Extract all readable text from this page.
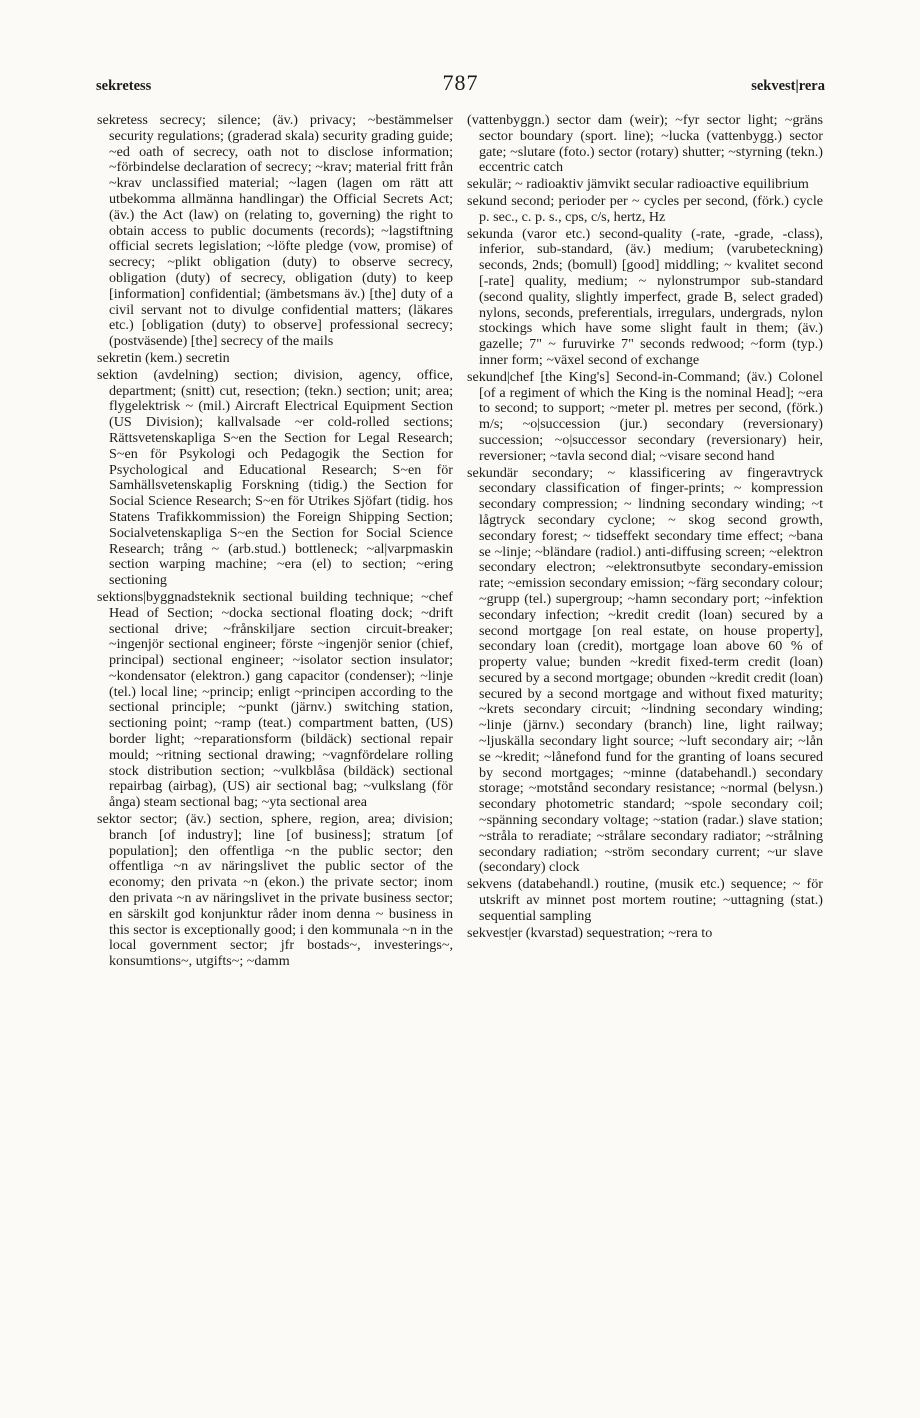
sekretess	787	sekvest|rera

sekretess secrecy; silence; (äv.) privacy; ~bestämmelser security regulations; (graderad skala) security grading guide; ~ed oath of secrecy, oath not to disclose information; ~förbindelse declaration of secrecy; ~krav; material fritt från ~krav unclassified material; ~lagen (lagen om rätt att utbekomma allmänna handlingar) the Official Secrets Act; (äv.) the Act (law) on (relating to, governing) the right to obtain access to public documents (records); ~lagstiftning official secrets legislation; ~löfte pledge (vow, promise) of secrecy; ~plikt obligation (duty) to observe secrecy, obligation (duty) of secrecy, obligation (duty) to keep [information] confidential; (ämbetsmans äv.) [the] duty of a civil servant not to divulge confidential matters; (läkares etc.) [obligation (duty) to observe] professional secrecy; (postväsende) [the] secrecy of the mails

sekretin (kem.) secretin

sektion (avdelning) section; division, agency, office, department; (snitt) cut, resection; (tekn.) section; unit; area; flygelektrisk ~ (mil.) Aircraft Electrical Equipment Section (US Division); kallvalsade ~er cold-rolled sections; Rättsvetenskapliga S~en the Section for Legal Research; S~en för Psykologi och Pedagogik the Section for Psychological and Educational Research; S~en för Samhällsvetenskaplig Forskning (tidig.) the Section for Social Science Research; S~en för Utrikes Sjöfart (tidig. hos Statens Trafikkommission) the Foreign Shipping Section; Socialvetenskapliga S~en the Section for Social Science Research; trång ~ (arb.stud.) bottleneck; ~al|varpmaskin section warping machine; ~era (el) to section; ~ering sectioning

sektions|byggnadsteknik sectional building technique; ~chef Head of Section; ~docka sectional floating dock; ~drift sectional drive; ~frånskiljare section circuit-breaker; ~ingenjör sectional engineer; förste ~ingenjör senior (chief, principal) sectional engineer; ~isolator section insulator; ~kondensator (elektron.) gang capacitor (condenser); ~linje (tel.) local line; ~princip; enligt ~principen according to the sectional principle; ~punkt (järnv.) switching station, sectioning point; ~ramp (teat.) compartment batten, (US) border light; ~reparationsform (bildäck) sectional repair mould; ~ritning sectional drawing; ~vagnfördelare rolling stock distribution section; ~vulkblåsa (bildäck) sectional repairbag (airbag), (US) air sectional bag; ~vulkslang (för ånga) steam sectional bag; ~yta sectional area

sektor sector; (äv.) section, sphere, region, area; division; branch [of industry]; line [of business]; stratum [of population]; den offentliga ~n the public sector; den offentliga ~n av näringslivet the public sector of the economy; den privata ~n (ekon.) the private sector; inom den privata ~n av näringslivet in the private business sector; en särskilt god konjunktur råder inom denna ~ business in this sector is exceptionally good; i den kommunala ~n in the local government sector; jfr bostads~, investerings~, konsumtions~, utgifts~; ~damm

(vattenbyggn.) sector dam (weir); ~fyr sector light; ~gräns sector boundary (sport. line); ~lucka (vattenbygg.) sector gate; ~slutare (foto.) sector (rotary) shutter; ~styrning (tekn.) eccentric catch

sekulär; ~ radioaktiv jämvikt secular radioactive equilibrium

sekund second; perioder per ~ cycles per second, (förk.) cycle p. sec., c. p. s., cps, c/s, hertz, Hz

sekunda (varor etc.) second-quality (-rate, -grade, -class), inferior, sub-standard, (äv.) medium; (varubeteckning) seconds, 2nds; (bomull) [good] middling; ~ kvalitet second [-rate] quality, medium; ~ nylonstrumpor sub-standard (second quality, slightly imperfect, grade B, select graded) nylons, seconds, preferentials, irregulars, undergrads, nylon stockings which have some slight fault in them; (äv.) gazelle; 7" ~ furuvirke 7" seconds redwood; ~form (typ.) inner form; ~växel second of exchange

sekund|chef [the King's] Second-in-Command; (äv.) Colonel [of a regiment of which the King is the nominal Head]; ~era to second; to support; ~meter pl. metres per second, (förk.) m/s; ~o|succession (jur.) secondary (reversionary) succession; ~o|successor secondary (reversionary) heir, reversioner; ~tavla second dial; ~visare second hand

sekundär secondary; ~ klassificering av fingeravtryck secondary classification of finger-prints; ~ kompression secondary compression; ~ lindning secondary winding; ~t lågtryck secondary cyclone; ~ skog second growth, secondary forest; ~ tidseffekt secondary time effect; ~bana se ~linje; ~bländare (radiol.) anti-diffusing screen; ~elektron secondary electron; ~elektronsutbyte secondary-emission rate; ~emission secondary emission; ~färg secondary colour; ~grupp (tel.) supergroup; ~hamn secondary port; ~infektion secondary infection; ~kredit credit (loan) secured by a second mortgage [on real estate, on house property], secondary loan (credit), mortgage loan above 60 % of property value; bunden ~kredit fixed-term credit (loan) secured by a second mortgage; obunden ~kredit credit (loan) secured by a second mortgage and without fixed maturity; ~krets secondary circuit; ~lindning secondary winding; ~linje (järnv.) secondary (branch) line, light railway; ~ljuskälla secondary light source; ~luft secondary air; ~lån se ~kredit; ~lånefond fund for the granting of loans secured by second mortgages; ~minne (databehandl.) secondary storage; ~motstånd secondary resistance; ~normal (belysn.) secondary photometric standard; ~spole secondary coil; ~spänning secondary voltage; ~station (radar.) slave station; ~stråla to reradiate; ~strålare secondary radiator; ~strålning secondary radiation; ~ström secondary current; ~ur slave (secondary) clock

sekvens (databehandl.) routine, (musik etc.) sequence; ~ för utskrift av minnet post mortem routine; ~uttagning (stat.) sequential sampling

sekvest|er (kvarstad) sequestration; ~rera to
